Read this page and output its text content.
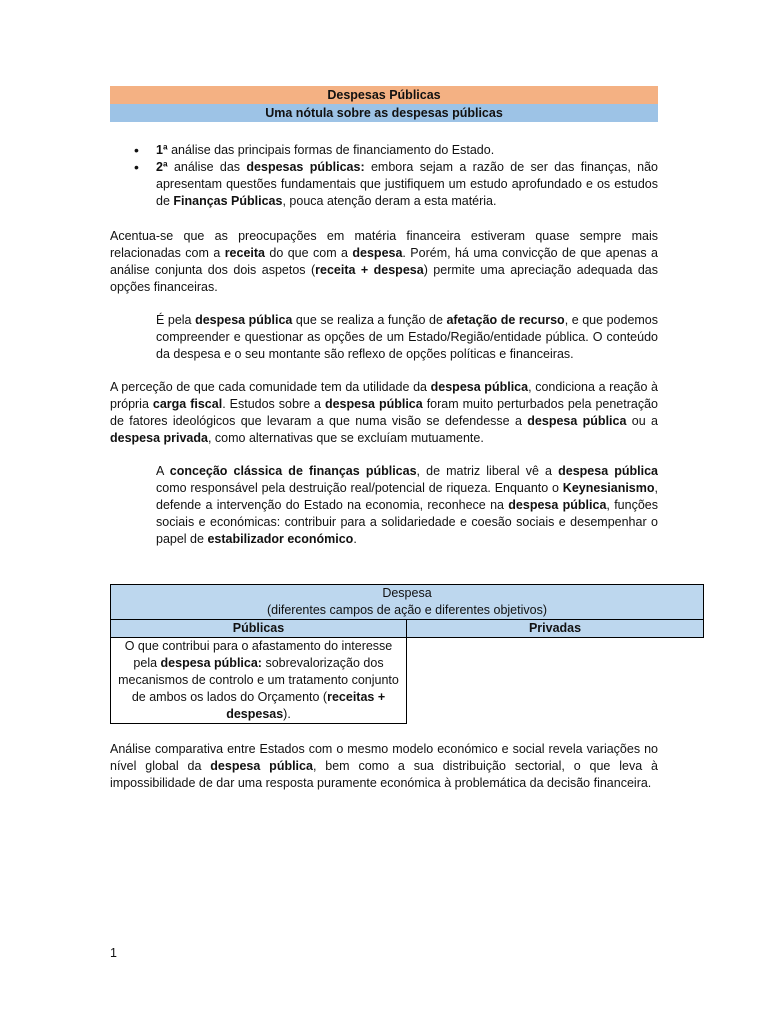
Despesas Públicas
Uma nótula sobre as despesas públicas
• 1ª análise das principais formas de financiamento do Estado.
• 2ª análise das despesas públicas: embora sejam a razão de ser das finanças, não apresentam questões fundamentais que justifiquem um estudo aprofundado e os estudos de Finanças Públicas, pouca atenção deram a esta matéria.

Acentua-se que as preocupações em matéria financeira estiveram quase sempre mais relacionadas com a receita do que com a despesa. Porém, há uma convicção de que apenas a análise conjunta dos dois aspetos (receita + despesa) permite uma apreciação adequada das opções financeiras.

É pela despesa pública que se realiza a função de afetação de recurso, e que podemos compreender e questionar as opções de um Estado/Região/entidade pública. O conteúdo da despesa e o seu montante são reflexo de opções políticas e financeiras.

A perceção de que cada comunidade tem da utilidade da despesa pública, condiciona a reação à própria carga fiscal. Estudos sobre a despesa pública foram muito perturbados pela penetração de fatores ideológicos que levaram a que numa visão se defendesse a despesa pública ou a despesa privada, como alternativas que se excluíam mutuamente.

A conceção clássica de finanças públicas, de matriz liberal vê a despesa pública como responsável pela destruição real/potencial de riqueza. Enquanto o Keynesianismo, defende a intervenção do Estado na economia, reconhece na despesa pública, funções sociais e económicas: contribuir para a solidariedade e coesão sociais e desempenhar o papel de estabilizador económico.

Despesa
(diferentes campos de ação e diferentes objetivos)	

Públicas	Privadas
O que contribui para o afastamento do interesse pela despesa pública: sobrevalorização dos mecanismos de controlo e um tratamento conjunto de ambos os lados do Orçamento (receitas + despesas).	

Análise comparativa entre Estados com o mesmo modelo económico e social revela variações no nível global da despesa pública, bem como a sua distribuição sectorial, o que leva à impossibilidade de dar uma resposta puramente económica à problemática da decisão financeira.

1
